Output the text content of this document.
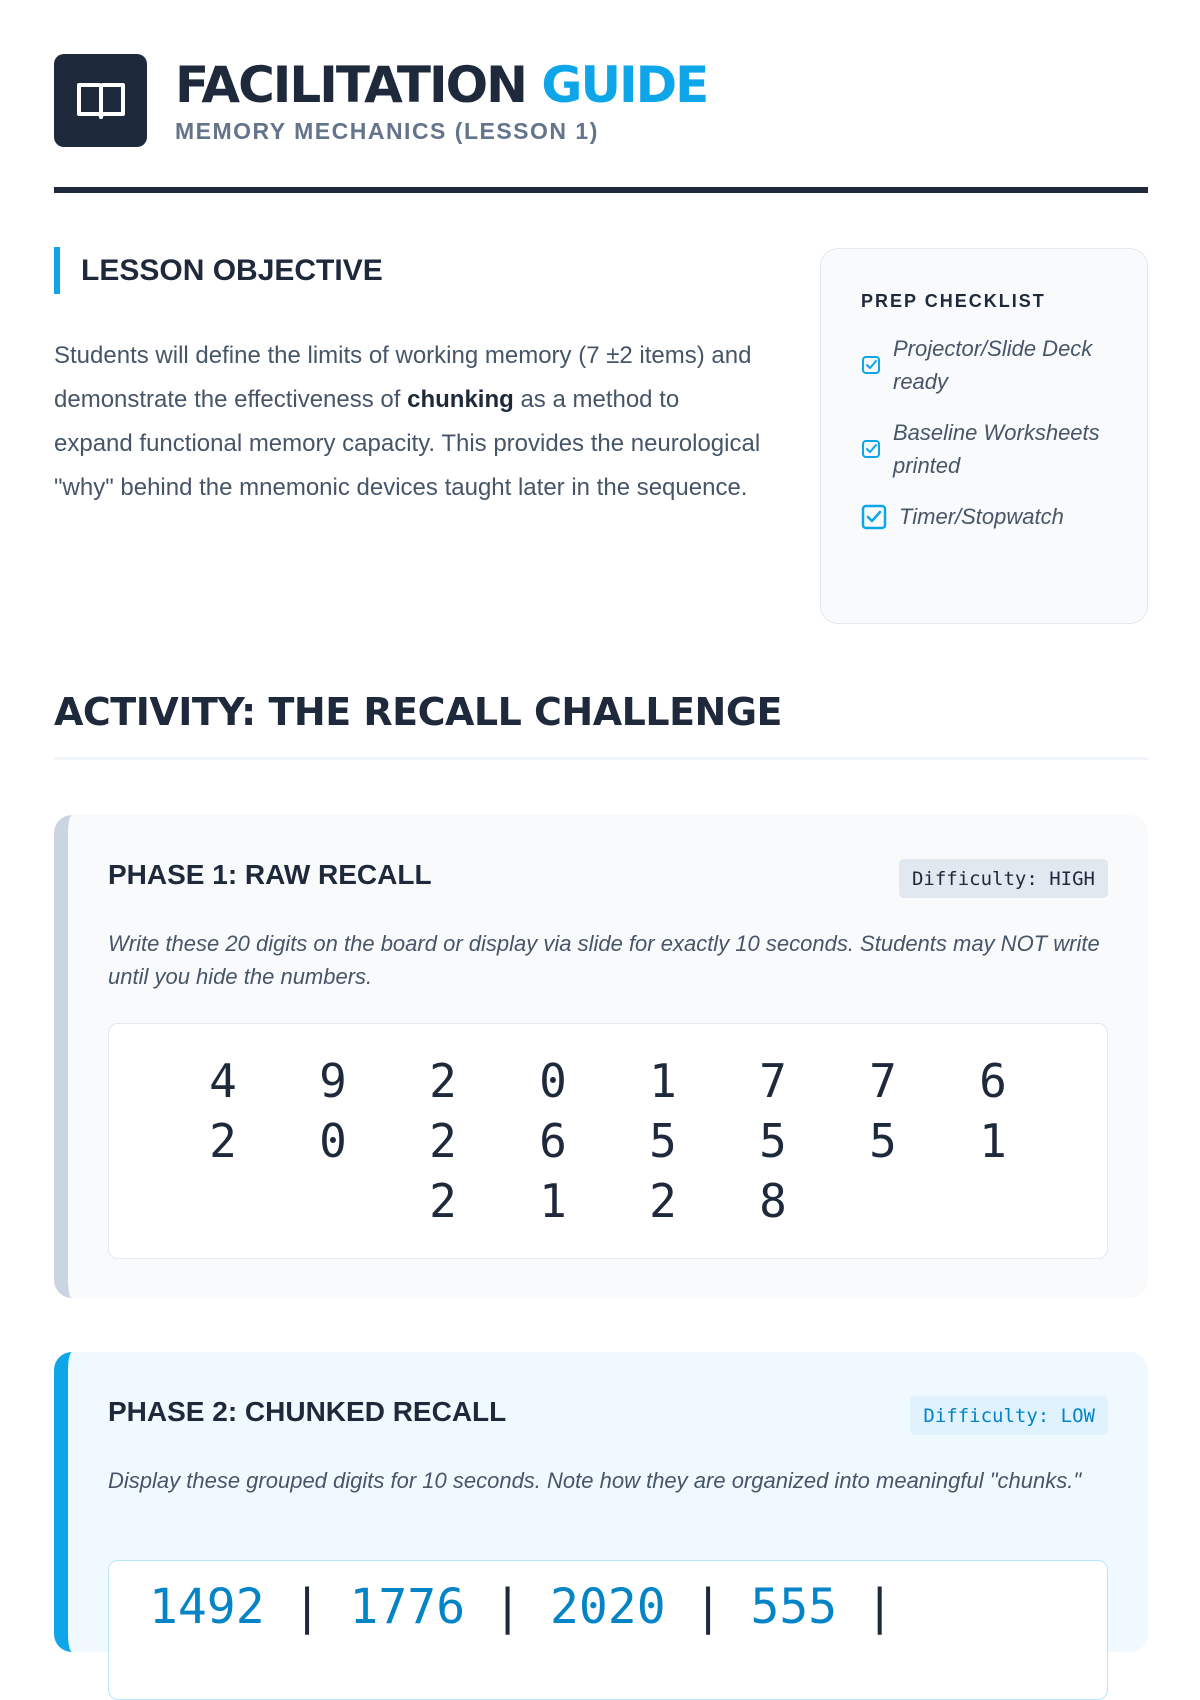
FACILITATION GUIDE
MEMORY MECHANICS (LESSON 1)
LESSON OBJECTIVE

Students will define the limits of working memory (7 ±2 items) and demonstrate the effectiveness of chunking as a method to expand functional memory capacity. This provides the neurological "why" behind the mnemonic devices taught later in the sequence.

PREP CHECKLIST
Projector/Slide Deck ready
Baseline Worksheets printed
Timer/Stopwatch
ACTIVITY: THE RECALL CHALLENGE
PHASE 1: RAW RECALL	Difficulty: HIGH

Write these 20 digits on the board or display via slide for exactly 10 seconds. Students may NOT write until you hide the numbers.

4	9	2	0	1	7	7	6
2	0	2	6	5	5	5	1
2	1	2	8
PHASE 2: CHUNKED RECALL	Difficulty: LOW

Display these grouped digits for 10 seconds. Note how they are organized into meaningful "chunks."

1492 | 1776 | 2020 | 555 |
